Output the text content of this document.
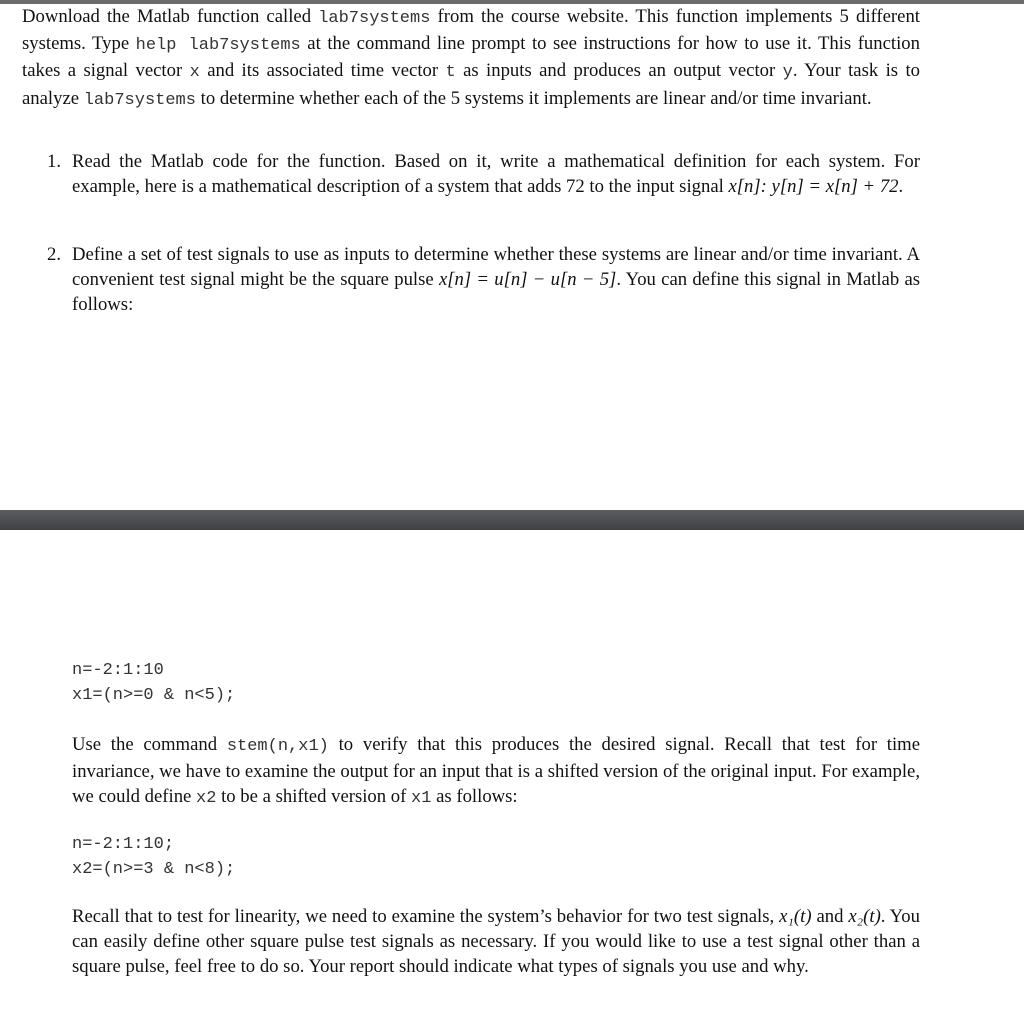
Download the Matlab function called lab7systems from the course website. This function implements 5 different systems. Type help lab7systems at the command line prompt to see instructions for how to use it. This function takes a signal vector x and its associated time vector t as inputs and produces an output vector y. Your task is to analyze lab7systems to determine whether each of the 5 systems it implements are linear and/or time invariant.

1. Read the Matlab code for the function. Based on it, write a mathematical definition for each system. For example, here is a mathematical description of a system that adds 72 to the input signal x[n]: y[n] = x[n] + 72.

2. Define a set of test signals to use as inputs to determine whether these systems are linear and/or time invariant. A convenient test signal might be the square pulse x[n] = u[n] − u[n − 5]. You can define this signal in Matlab as follows:

n=-2:1:10
x1=(n>=0 & n<5);

Use the command stem(n,x1) to verify that this produces the desired signal. Recall that test for time invariance, we have to examine the output for an input that is a shifted version of the original input. For example, we could define x2 to be a shifted version of x1 as follows:

n=-2:1:10;
x2=(n>=3 & n<8);

Recall that to test for linearity, we need to examine the system’s behavior for two test signals, x₁(t) and x₂(t). You can easily define other square pulse test signals as necessary. If you would like to use a test signal other than a square pulse, feel free to do so. Your report should indicate what types of signals you use and why.
